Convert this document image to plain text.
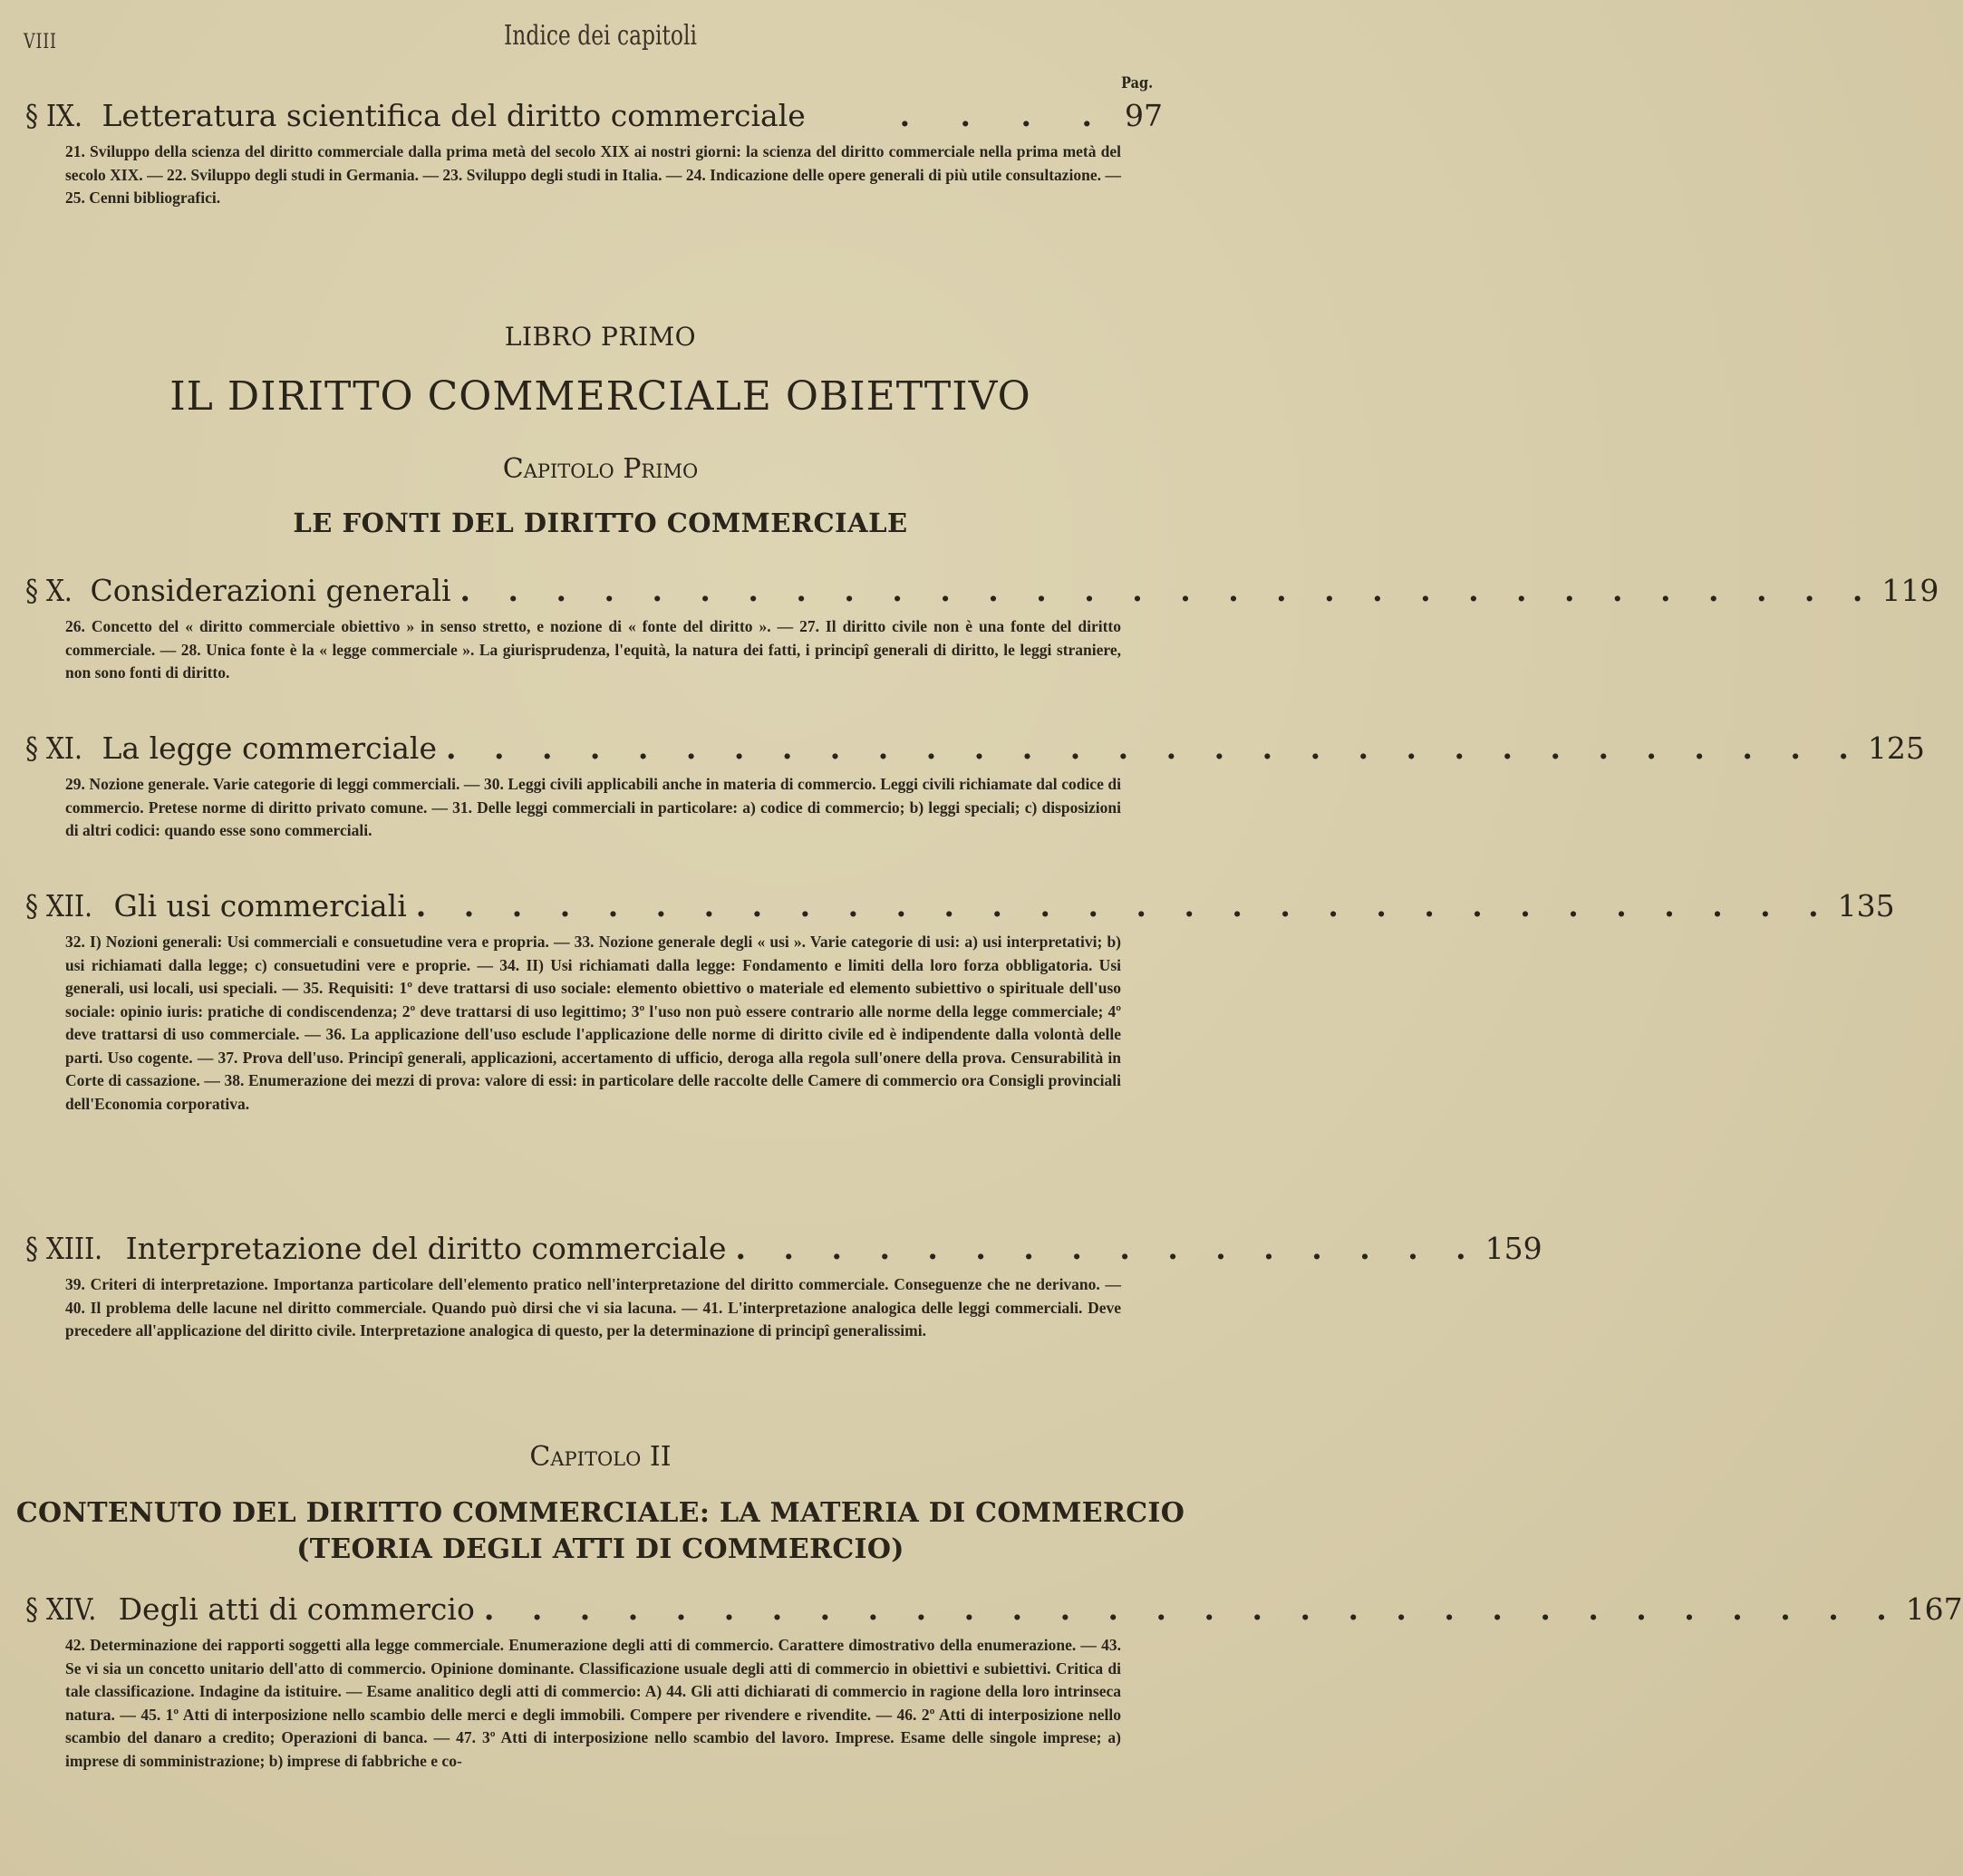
VIII	Indice dei capitoli
Pag.
§ IX.
Letteratura scientifica del diritto commerciale	. . . . 97
21. Sviluppo della scienza del diritto commerciale dalla prima metà del secolo XIX ai nostri giorni: la scienza del diritto commerciale nella prima metà del secolo XIX. — 22. Sviluppo degli studi in Germania. — 23. Sviluppo degli studi in Italia. — 24. Indicazione delle opere generali di più utile consultazione. — 25. Cenni bibliografici.
LIBRO PRIMO
IL DIRITTO COMMERCIALE OBIETTIVO
Capitolo Primo
LE FONTI DEL DIRITTO COMMERCIALE
§ X.
Considerazioni generali . . . . . . . . . . . . . . . . . . . . . . . . . . . . . . 119
26. Concetto del « diritto commerciale obiettivo » in senso stretto, e nozione di « fonte del diritto ». — 27. Il diritto civile non è una fonte del diritto commerciale. — 28. Unica fonte è la « legge commerciale ». La giurisprudenza, l'equità, la natura dei fatti, i principî generali di diritto, le leggi straniere, non sono fonti di diritto.
§ XI.
La legge commerciale . . . . . . . . . . . . . . . . . . . . . . . . . . . . . . 125
29. Nozione generale. Varie categorie di leggi commerciali. — 30. Leggi civili applicabili anche in materia di commercio. Leggi civili richiamate dal codice di commercio. Pretese norme di diritto privato comune. — 31. Delle leggi commerciali in particolare: a) codice di commercio; b) leggi speciali; c) disposizioni di altri codici: quando esse sono commerciali.
§ XII.
Gli usi commerciali . . . . . . . . . . . . . . . . . . . . . . . . . . . . . . 135
32. I) Nozioni generali: Usi commerciali e consuetudine vera e propria. — 33. Nozione generale degli « usi ». Varie categorie di usi: a) usi interpretativi; b) usi richiamati dalla legge; c) consuetudini vere e proprie. — 34. II) Usi richiamati dalla legge: Fondamento e limiti della loro forza obbligatoria. Usi generali, usi locali, usi speciali. — 35. Requisiti: 1º deve trattarsi di uso sociale: elemento obiettivo o materiale ed elemento subiettivo o spirituale dell'uso sociale: opinio iuris: pratiche di condiscendenza; 2º deve trattarsi di uso legittimo; 3º l'uso non può essere contrario alle norme della legge commerciale; 4º deve trattarsi di uso commerciale. — 36. La applicazione dell'uso esclude l'applicazione delle norme di diritto civile ed è indipendente dalla volontà delle parti. Uso cogente. — 37. Prova dell'uso. Principî generali, applicazioni, accertamento di ufficio, deroga alla regola sull'onere della prova. Censurabilità in Corte di cassazione. — 38. Enumerazione dei mezzi di prova: valore di essi: in particolare delle raccolte delle Camere di commercio ora Consigli provinciali dell'Economia corporativa.
§ XIII.
Interpretazione del diritto commerciale . . . . . . . . . . . . . . . . 159
39. Criteri di interpretazione. Importanza particolare dell'elemento pratico nell'interpretazione del diritto commerciale. Conseguenze che ne derivano. — 40. Il problema delle lacune nel diritto commerciale. Quando può dirsi che vi sia lacuna. — 41. L'interpretazione analogica delle leggi commerciali. Deve precedere all'applicazione del diritto civile. Interpretazione analogica di questo, per la determinazione di principî generalissimi.
Capitolo II
CONTENUTO DEL DIRITTO COMMERCIALE: LA MATERIA DI COMMERCIO
(TEORIA DEGLI ATTI DI COMMERCIO)
§ XIV.
Degli atti di commercio . . . . . . . . . . . . . . . . . . . . . . . . . . . . . . 167
42. Determinazione dei rapporti soggetti alla legge commerciale. Enumerazione degli atti di commercio. Carattere dimostrativo della enumerazione. — 43. Se vi sia un concetto unitario dell'atto di commercio. Opinione dominante. Classificazione usuale degli atti di commercio in obiettivi e subiettivi. Critica di tale classificazione. Indagine da istituire. — Esame analitico degli atti di commercio: A) 44. Gli atti dichiarati di commercio in ragione della loro intrinseca natura. — 45. 1º Atti di interposizione nello scambio delle merci e degli immobili. Compere per rivendere e rivendite. — 46. 2º Atti di interposizione nello scambio del danaro a credito; Operazioni di banca. — 47. 3º Atti di interposizione nello scambio del lavoro. Imprese. Esame delle singole imprese; a) imprese di somministrazione; b) imprese di fabbriche e co-
